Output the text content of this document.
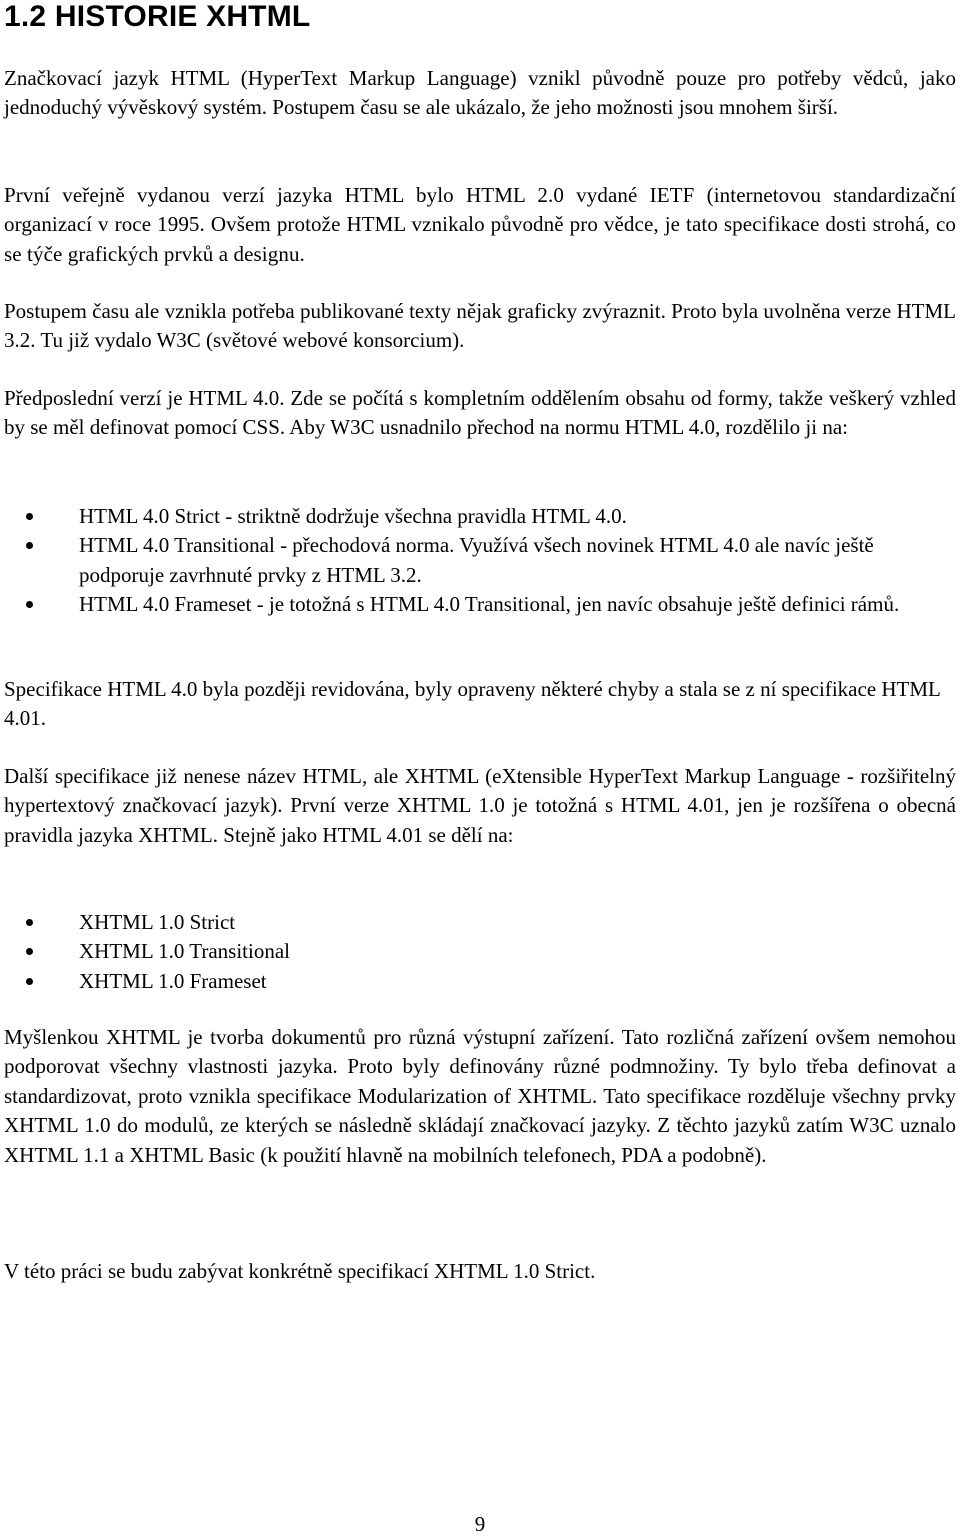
1.2 HISTORIE XHTML

Značkovací jazyk HTML (HyperText Markup Language) vznikl původně pouze pro potřeby vědců, jako jednoduchý vývěskový systém. Postupem času se ale ukázalo, že jeho možnosti jsou mnohem širší.

První veřejně vydanou verzí jazyka HTML bylo HTML 2.0 vydané IETF (internetovou standardizační organizací v roce 1995. Ovšem protože HTML vznikalo původně pro vědce, je tato specifikace dosti strohá, co se týče grafických prvků a designu.

Postupem času ale vznikla potřeba publikované texty nějak graficky zvýraznit. Proto byla uvolněna verze HTML 3.2. Tu již vydalo W3C (světové webové konsorcium).

Předposlední verzí je HTML 4.0. Zde se počítá s kompletním oddělením obsahu od formy, takže veškerý vzhled by se měl definovat pomocí CSS. Aby W3C usnadnilo přechod na normu HTML 4.0, rozdělilo ji na:

HTML 4.0 Strict - striktně dodržuje všechna pravidla HTML 4.0.
HTML 4.0 Transitional - přechodová norma. Využívá všech novinek HTML 4.0 ale navíc ještě podporuje zavrhnuté prvky z HTML 3.2.
HTML 4.0 Frameset - je totožná s HTML 4.0 Transitional, jen navíc obsahuje ještě definici rámů.

Specifikace HTML 4.0 byla později revidována, byly opraveny některé chyby a stala se z ní specifikace HTML 4.01.

Další specifikace již nenese název HTML, ale XHTML (eXtensible HyperText Markup Language - rozšiřitelný hypertextový značkovací jazyk). První verze XHTML 1.0 je totožná s HTML 4.01, jen je rozšířena o obecná pravidla jazyka XHTML. Stejně jako HTML 4.01 se dělí na:

XHTML 1.0 Strict
XHTML 1.0 Transitional
XHTML 1.0 Frameset

Myšlenkou XHTML je tvorba dokumentů pro různá výstupní zařízení. Tato rozličná zařízení ovšem nemohou podporovat všechny vlastnosti jazyka. Proto byly definovány různé podmnožiny. Ty bylo třeba definovat a standardizovat, proto vznikla specifikace Modularization of XHTML. Tato specifikace rozděluje všechny prvky XHTML 1.0 do modulů, ze kterých se následně skládají značkovací jazyky. Z těchto jazyků zatím W3C uznalo XHTML 1.1 a XHTML Basic (k použití hlavně na mobilních telefonech, PDA a podobně).

V této práci se budu zabývat konkrétně specifikací XHTML 1.0 Strict.

9
